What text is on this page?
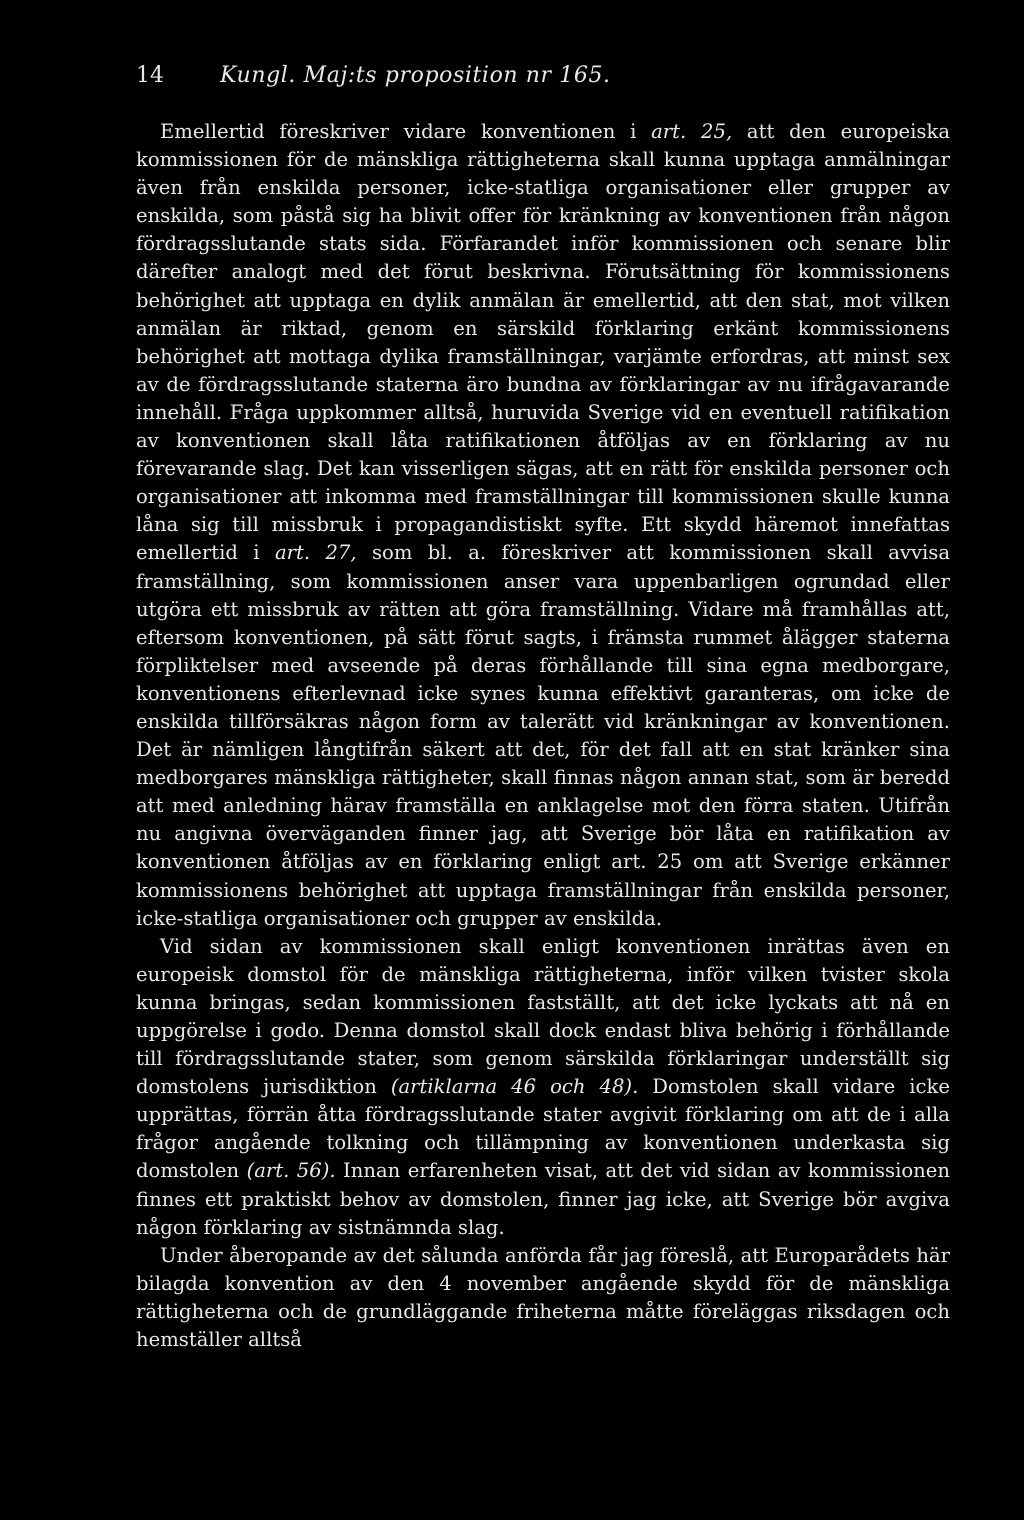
14	Kungl. Maj:ts proposition nr 165.

Emellertid föreskriver vidare konventionen i art. 25, att den europeiska kommissionen för de mänskliga rättigheterna skall kunna upptaga anmälningar även från enskilda personer, icke-statliga organisationer eller grupper av enskilda, som påstå sig ha blivit offer för kränkning av konventionen från någon fördragsslutande stats sida. Förfarandet inför kommissionen och senare blir därefter analogt med det förut beskrivna. Förutsättning för kommissionens behörighet att upptaga en dylik anmälan är emellertid, att den stat, mot vilken anmälan är riktad, genom en särskild förklaring erkänt kommissionens behörighet att mottaga dylika framställningar, varjämte erfordras, att minst sex av de fördragsslutande staterna äro bundna av förklaringar av nu ifrågavarande innehåll. Fråga uppkommer alltså, huruvida Sverige vid en eventuell ratifikation av konventionen skall låta ratifikationen åtföljas av en förklaring av nu förevarande slag. Det kan visserligen sägas, att en rätt för enskilda personer och organisationer att inkomma med framställningar till kommissionen skulle kunna låna sig till missbruk i propagandistiskt syfte. Ett skydd häremot innefattas emellertid i art. 27, som bl. a. föreskriver att kommissionen skall avvisa framställning, som kommissionen anser vara uppenbarligen ogrundad eller utgöra ett missbruk av rätten att göra framställning. Vidare må framhållas att, eftersom konventionen, på sätt förut sagts, i främsta rummet ålägger staterna förpliktelser med avseende på deras förhållande till sina egna medborgare, konventionens efterlevnad icke synes kunna effektivt garanteras, om icke de enskilda tillförsäkras någon form av talerätt vid kränkningar av konventionen. Det är nämligen långtifrån säkert att det, för det fall att en stat kränker sina medborgares mänskliga rättigheter, skall finnas någon annan stat, som är beredd att med anledning härav framställa en anklagelse mot den förra staten. Utifrån nu angivna överväganden finner jag, att Sverige bör låta en ratifikation av konventionen åtföljas av en förklaring enligt art. 25 om att Sverige erkänner kommissionens behörighet att upptaga framställningar från enskilda personer, icke-statliga organisationer och grupper av enskilda.

Vid sidan av kommissionen skall enligt konventionen inrättas även en europeisk domstol för de mänskliga rättigheterna, inför vilken tvister skola kunna bringas, sedan kommissionen fastställt, att det icke lyckats att nå en uppgörelse i godo. Denna domstol skall dock endast bliva behörig i förhållande till fördragsslutande stater, som genom särskilda förklaringar underställt sig domstolens jurisdiktion (artiklarna 46 och 48). Domstolen skall vidare icke upprättas, förrän åtta fördragsslutande stater avgivit förklaring om att de i alla frågor angående tolkning och tillämpning av konventionen underkasta sig domstolen (art. 56). Innan erfarenheten visat, att det vid sidan av kommissionen finnes ett praktiskt behov av domstolen, finner jag icke, att Sverige bör avgiva någon förklaring av sistnämnda slag.

Under åberopande av det sålunda anförda får jag föreslå, att Europarådets här bilagda konvention av den 4 november angående skydd för de mänskliga rättigheterna och de grundläggande friheterna måtte föreläggas riksdagen och hemställer alltså
